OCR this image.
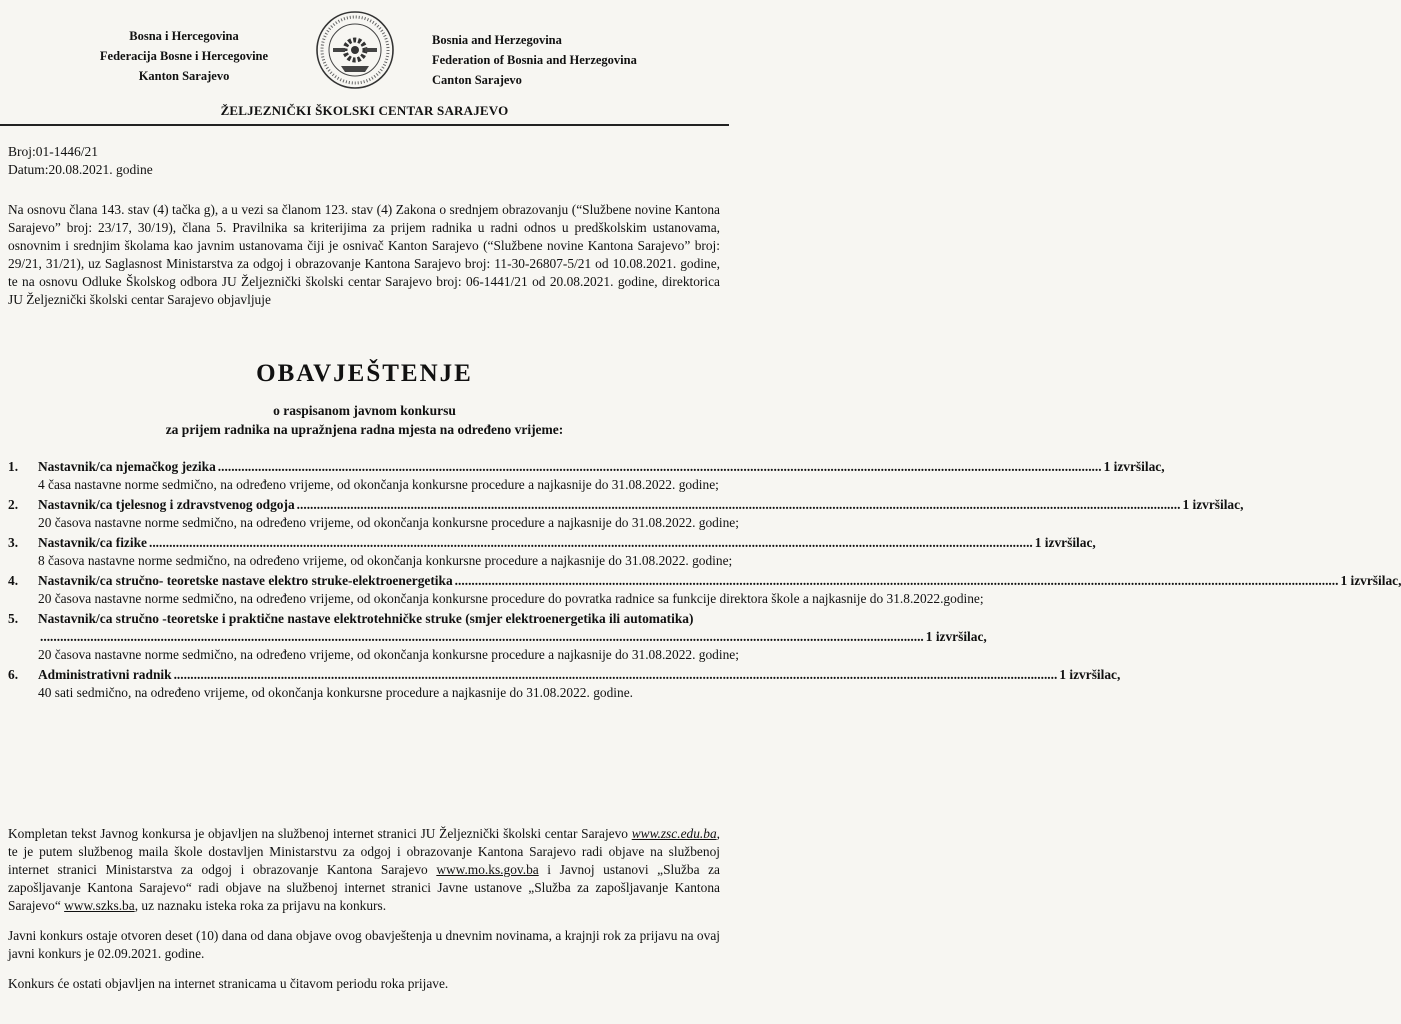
Bosna i Hercegovina
Federacija Bosne i Hercegovine
Kanton Sarajevo
Bosnia and Herzegovina
Federation of Bosnia and Herzegovina
Canton Sarajevo
ŽELJEZNIČKI ŠKOLSKI CENTAR SARAJEVO
Broj:01-1446/21
Datum:20.08.2021. godine
Na osnovu člana 143. stav (4) tačka g), a u vezi sa članom 123. stav (4) Zakona o srednjem obrazovanju (“Službene novine Kantona Sarajevo” broj: 23/17, 30/19), člana 5. Pravilnika sa kriterijima za prijem radnika u radni odnos u predškolskim ustanovama, osnovnim i srednjim školama kao javnim ustanovama čiji je osnivač Kanton Sarajevo (“Službene novine Kantona Sarajevo” broj: 29/21, 31/21), uz Saglasnost Ministarstva za odgoj i obrazovanje Kantona Sarajevo broj: 11-30-26807-5/21 od 10.08.2021. godine, te na osnovu Odluke Školskog odbora JU Željeznički školski centar Sarajevo broj: 06-1441/21 od 20.08.2021. godine, direktorica JU Željeznički školski centar Sarajevo objavljuje
OBAVJEŠTENJE
o raspisanom javnom konkursu
za prijem radnika na upražnjena radna mjesta na određeno vrijeme:
1.	Nastavnik/ca njemačkog jezika .....	1 izvršilac,
4 časa nastavne norme sedmično, na određeno vrijeme, od okončanja konkursne procedure a najkasnije do 31.08.2022. godine;
2.	Nastavnik/ca tjelesnog i zdravstvenog odgoja .....	1 izvršilac,
20 časova nastavne norme sedmično, na određeno vrijeme, od okončanja konkursne procedure a najkasnije do 31.08.2022. godine;
3.	Nastavnik/ca fizike .....	1 izvršilac,
8 časova nastavne norme sedmično, na određeno vrijeme, od okončanja konkursne procedure a najkasnije do 31.08.2022. godine;
4.	Nastavnik/ca stručno- teoretske nastave elektro struke-elektroenergetika .....	1 izvršilac,
20 časova nastavne norme sedmično, na određeno vrijeme, od okončanja konkursne procedure do povratka radnice sa funkcije direktora škole a najkasnije do 31.8.2022.godine;
5.	Nastavnik/ca stručno -teoretske i praktične nastave elektrotehničke struke (smjer elektroenergetika ili automatika)
.....
1 izvršilac,
20 časova nastavne norme sedmično, na određeno vrijeme, od okončanja konkursne procedure a najkasnije do 31.08.2022. godine;
6.	Administrativni radnik .....	1 izvršilac,
40 sati sedmično, na određeno vrijeme, od okončanja konkursne procedure a najkasnije do 31.08.2022. godine.

Kompletan tekst Javnog konkursa je objavljen na službenoj internet stranici JU Željeznički školski centar Sarajevo www.zsc.edu.ba, te je putem službenog maila škole dostavljen Ministarstvu za odgoj i obrazovanje Kantona Sarajevo radi objave na službenoj internet stranici Ministarstva za odgoj i obrazovanje Kantona Sarajevo www.mo.ks.gov.ba i Javnoj ustanovi „Služba za zapošljavanje Kantona Sarajevo“ radi objave na službenoj internet stranici Javne ustanove „Služba za zapošljavanje Kantona Sarajevo“ www.szks.ba, uz naznaku isteka roka za prijavu na konkurs.

Javni konkurs ostaje otvoren deset (10) dana od dana objave ovog obavještenja u dnevnim novinama, a krajnji rok za prijavu na ovaj javni konkurs je 02.09.2021. godine.

Konkurs će ostati objavljen na internet stranicama u čitavom periodu roka prijave.
